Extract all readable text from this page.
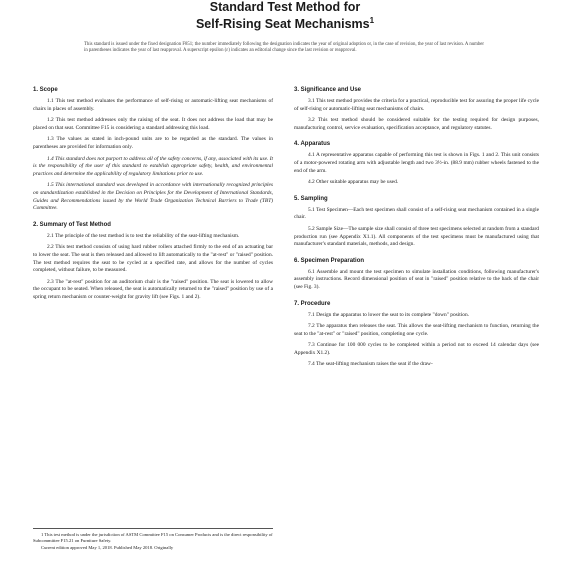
Standard Test Method for
Self-Rising Seat Mechanisms$^1$
This standard is issued under the fixed designation F851; the number immediately following the designation indicates the year of original adoption or, in the case of revision, the year of last revision. A number in parentheses indicates the year of last reapproval. A superscript epsilon (ε) indicates an editorial change since the last revision or reapproval.
1. Scope

1.1 This test method evaluates the performance of self-rising or automatic-lifting seat mechanisms of chairs in places of assembly.

1.2 This test method addresses only the raising of the seat. It does not address the load that may be placed on that seat. Committee F15 is considering a standard addressing this load.

1.3 The values as stated in inch-pound units are to be regarded as the standard. The values in parentheses are provided for information only.

1.4 This standard does not purport to address all of the safety concerns, if any, associated with its use. It is the responsibility of the user of this standard to establish appropriate safety, health, and environmental practices and determine the applicability of regulatory limitations prior to use.

1.5 This international standard was developed in accordance with internationally recognized principles on standardization established in the Decision on Principles for the Development of International Standards, Guides and Recommendations issued by the World Trade Organization Technical Barriers to Trade (TBT) Committee.

2. Summary of Test Method

2.1 The principle of the test method is to test the reliability of the seat-lifting mechanism.

2.2 This test method consists of using hard rubber rollers attached firmly to the end of an actuating bar to lower the seat. The seat is then released and allowed to lift automatically to the "at-rest" or "raised" position. The test method requires the seat to be cycled at a specified rate, and allows for the number of cycles completed, without failure, to be measured.

2.3 The "at-rest" position for an auditorium chair is the "raised" position. The seat is lowered to allow the occupant to be seated. When released, the seat is automatically returned to the "raised" position by use of a spring return mechanism or counter-weight for gravity lift (see Figs. 1 and 2).

3. Significance and Use

3.1 This test method provides the criteria for a practical, reproducible test for assuring the proper life cycle of self-rising or automatic-lifting seat mechanisms of chairs.

3.2 This test method should be considered suitable for the testing required for design purposes, manufacturing control, service evaluation, specification acceptance, and regulatory statutes.

4. Apparatus

4.1 A representative apparatus capable of performing this test is shown in Figs. 1 and 2. This unit consists of a motor-powered rotating arm with adjustable length and two 3½-in. (88.9 mm) rubber wheels fastened to the end of the arm.

4.2 Other suitable apparatus may be used.

5. Sampling

5.1 Test Specimen—Each test specimen shall consist of a self-rising seat mechanism contained in a single chair.

5.2 Sample Size—The sample size shall consist of three test specimens selected at random from a standard production run (see Appendix X1.1). All components of the test specimens must be manufactured using that manufacturer's standard materials, methods, and design.

6. Specimen Preparation

6.1 Assemble and mount the test specimen to simulate installation conditions, following manufacturer's assembly instructions. Record dimensional position of seat in "raised" position relative to the back of the chair (see Fig. 3).

7. Procedure

7.1 Design the apparatus to lower the seat to its complete "down" position.

7.2 The apparatus then releases the seat. This allows the seat-lifting mechanism to function, returning the seat to the "at-rest" or "raised" position, completing one cycle.

7.3 Continue for 100 000 cycles to be completed within a period not to exceed 14 calendar days (see Appendix X1.2).

7.4 The seat-lifting mechanism raises the seat if the draw-

1 This test method is under the jurisdiction of ASTM Committee F15 on Consumer Products and is the direct responsibility of Subcommittee F15.21 on Furniture Safety.

Current edition approved May 1, 2018. Published May 2018. Originally
